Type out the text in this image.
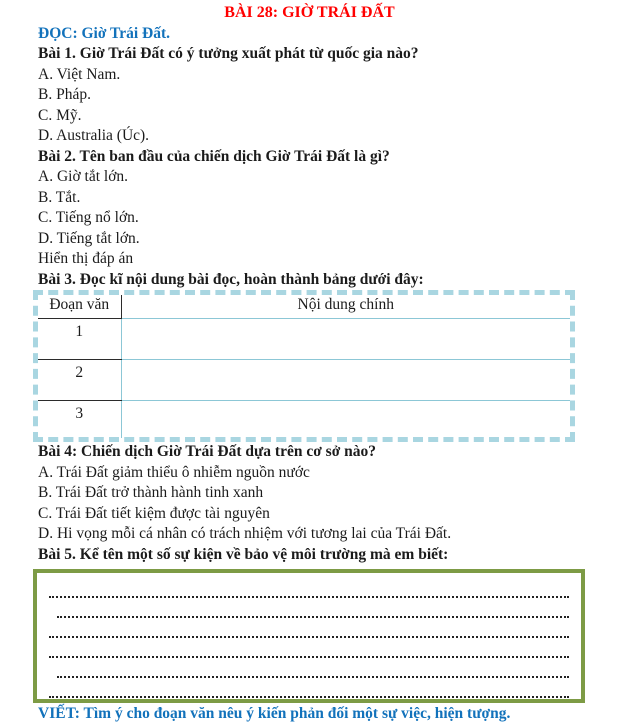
BÀI 28: GIỜ TRÁI ĐẤT
ĐỌC: Giờ Trái Đất.
Bài 1. Giờ Trái Đất có ý tưởng xuất phát từ quốc gia nào?
A. Việt Nam.
B. Pháp.
C. Mỹ.
D. Australia (Úc).
Bài 2. Tên ban đầu của chiến dịch Giờ Trái Đất là gì?
A. Giờ tắt lớn.
B. Tắt.
C. Tiếng nổ lớn.
D. Tiếng tắt lớn.
Hiển thị đáp án
Bài 3. Đọc kĩ nội dung bài đọc, hoàn thành bảng dưới đây:
Đoạn văn	Nội dung chính
1	
2	
3	
Bài 4: Chiến dịch Giờ Trái Đất dựa trên cơ sở nào?
A. Trái Đất giảm thiểu ô nhiễm nguồn nước
B. Trái Đất trở thành hành tinh xanh
C. Trái Đất tiết kiệm được tài nguyên
D. Hi vọng mỗi cá nhân có trách nhiệm với tương lai của Trái Đất.
Bài 5. Kể tên một số sự kiện về bảo vệ môi trường mà em biết:
VIẾT: Tìm ý cho đoạn văn nêu ý kiến phản đối một sự việc, hiện tượng.
